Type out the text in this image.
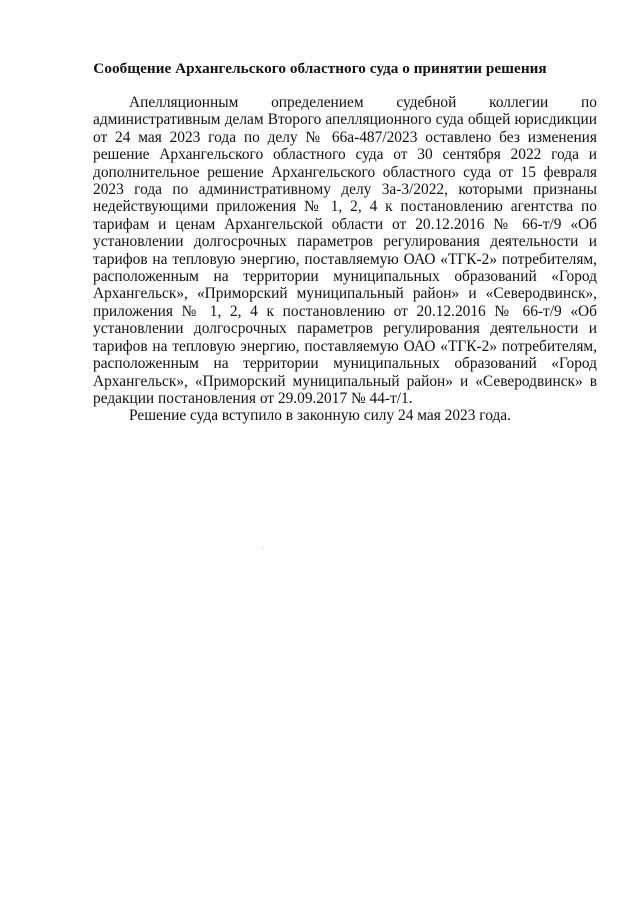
Сообщение Архангельского областного суда о принятии решения

Апелляционным определением судебной коллегии по административным делам Второго апелляционного суда общей юрисдикции от 24 мая 2023 года по делу № 66а-487/2023 оставлено без изменения решение Архангельского областного суда от 30 сентября 2022 года и дополнительное решение Архангельского областного суда от 15 февраля 2023 года по административному делу 3а-3/2022, которыми признаны недействующими приложения № 1, 2, 4 к постановлению агентства по тарифам и ценам Архангельской области от 20.12.2016 № 66-т/9 «Об установлении долгосрочных параметров регулирования деятельности и тарифов на тепловую энергию, поставляемую ОАО «ТГК-2» потребителям, расположенным на территории муниципальных образований «Город Архангельск», «Приморский муниципальный район» и «Северодвинск», приложения № 1, 2, 4 к постановлению от 20.12.2016 № 66-т/9 «Об установлении долгосрочных параметров регулирования деятельности и тарифов на тепловую энергию, поставляемую ОАО «ТГК-2» потребителям, расположенным на территории муниципальных образований «Город Архангельск», «Приморский муниципальный район» и «Северодвинск» в редакции постановления от 29.09.2017 № 44-т/1.

Решение суда вступило в законную силу 24 мая 2023 года.
